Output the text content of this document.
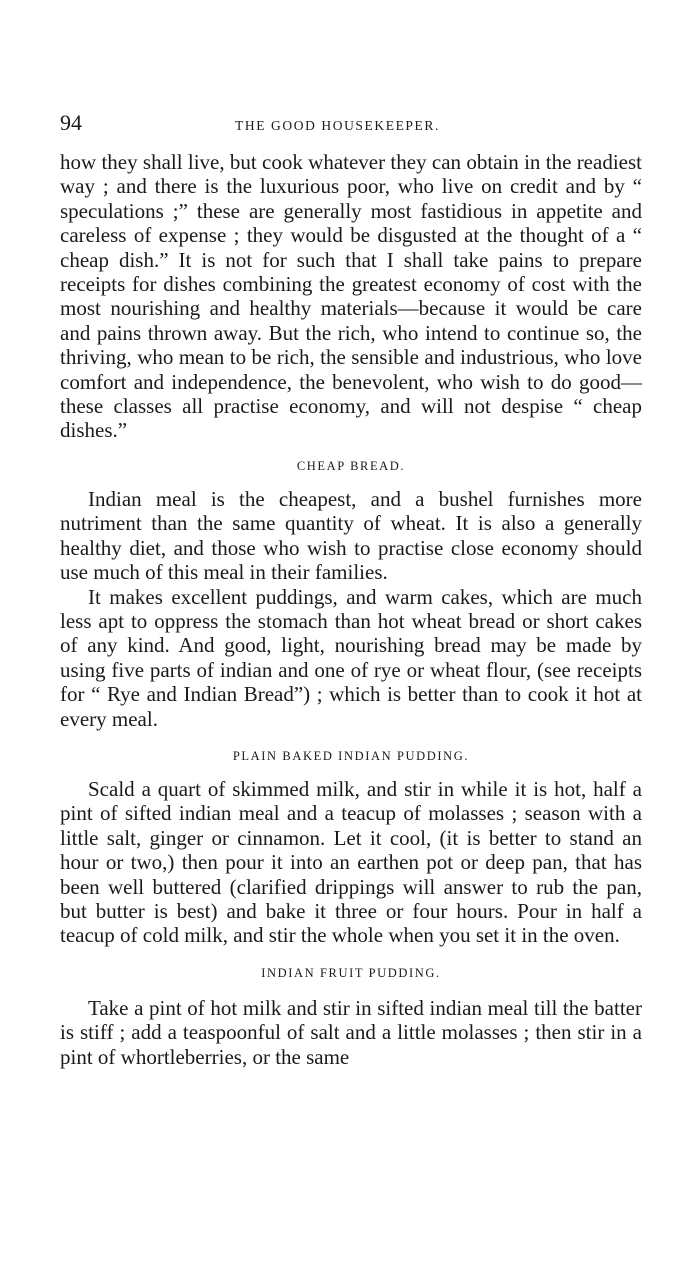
94	THE GOOD HOUSEKEEPER.

how they shall live, but cook whatever they can obtain in the readiest way ; and there is the luxurious poor, who live on credit and by “ speculations ;” these are generally most fastidious in appetite and careless of expense ; they would be disgusted at the thought of a “ cheap dish.” It is not for such that I shall take pains to prepare receipts for dishes combining the greatest economy of cost with the most nourishing and healthy materials—because it would be care and pains thrown away. But the rich, who intend to continue so, the thriving, who mean to be rich, the sensible and industrious, who love comfort and independence, the benevolent, who wish to do good—these classes all practise economy, and will not despise “ cheap dishes.”

CHEAP BREAD.

Indian meal is the cheapest, and a bushel furnishes more nutriment than the same quantity of wheat. It is also a generally healthy diet, and those who wish to practise close economy should use much of this meal in their families.

It makes excellent puddings, and warm cakes, which are much less apt to oppress the stomach than hot wheat bread or short cakes of any kind. And good, light, nourishing bread may be made by using five parts of indian and one of rye or wheat flour, (see receipts for “ Rye and Indian Bread”) ; which is better than to cook it hot at every meal.

PLAIN BAKED INDIAN PUDDING.

Scald a quart of skimmed milk, and stir in while it is hot, half a pint of sifted indian meal and a teacup of molasses ; season with a little salt, ginger or cinnamon. Let it cool, (it is better to stand an hour or two,) then pour it into an earthen pot or deep pan, that has been well buttered (clarified drippings will answer to rub the pan, but butter is best) and bake it three or four hours. Pour in half a teacup of cold milk, and stir the whole when you set it in the oven.

INDIAN FRUIT PUDDING.

Take a pint of hot milk and stir in sifted indian meal till the batter is stiff ; add a teaspoonful of salt and a little molasses ; then stir in a pint of whortleberries, or the same
